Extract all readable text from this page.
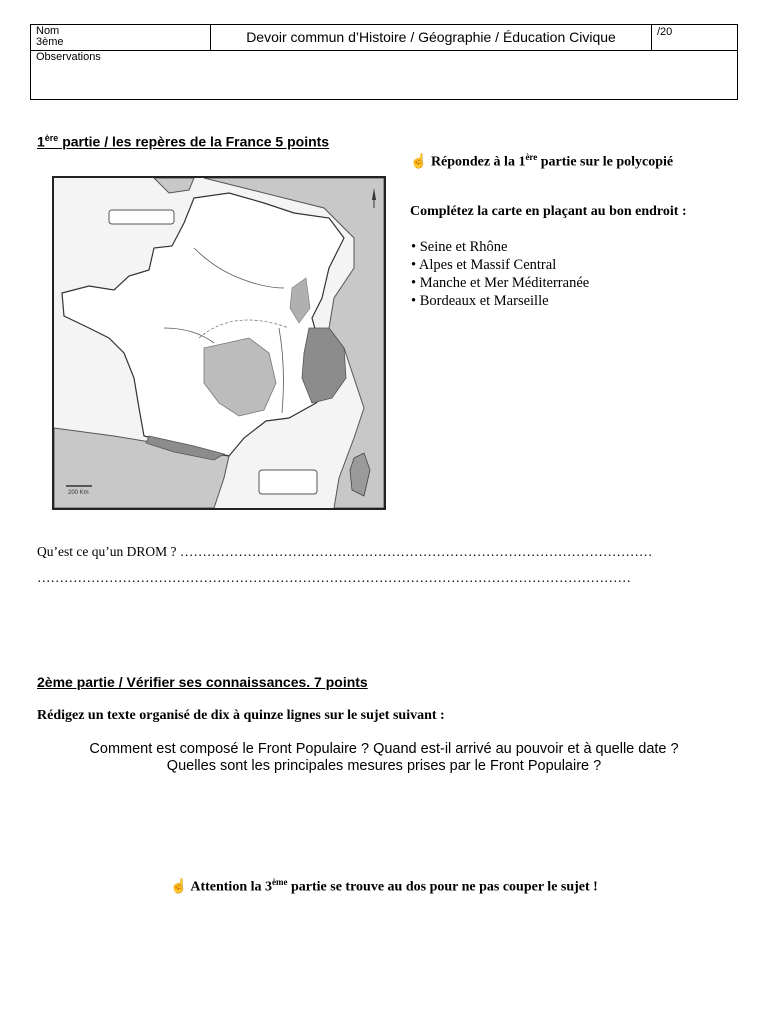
Nom
3ème	Devoir commun d’Histoire / Géographie / Éducation Civique	/20
Observations
1ère partie / les repères de la France 5 points
200 Km
☝ Répondez à la 1ère partie sur le polycopié
Complétez la carte en plaçant au bon endroit :
• Seine et Rhône
• Alpes et Massif Central
• Manche et Mer Méditerranée
• Bordeaux et Marseille
Qu’est ce qu’un DROM ? ……………………………………………………………………………………………
……………………………………………………………………………………………………………………
2ème partie / Vérifier ses connaissances. 7 points
Rédigez un texte organisé de dix à quinze lignes sur le sujet suivant :
Comment est composé le Front Populaire ? Quand est-il arrivé au pouvoir et à quelle date ?
Quelles sont les principales mesures prises par le Front Populaire ?
☝ Attention la 3ème partie se trouve au dos pour ne pas couper le sujet !
